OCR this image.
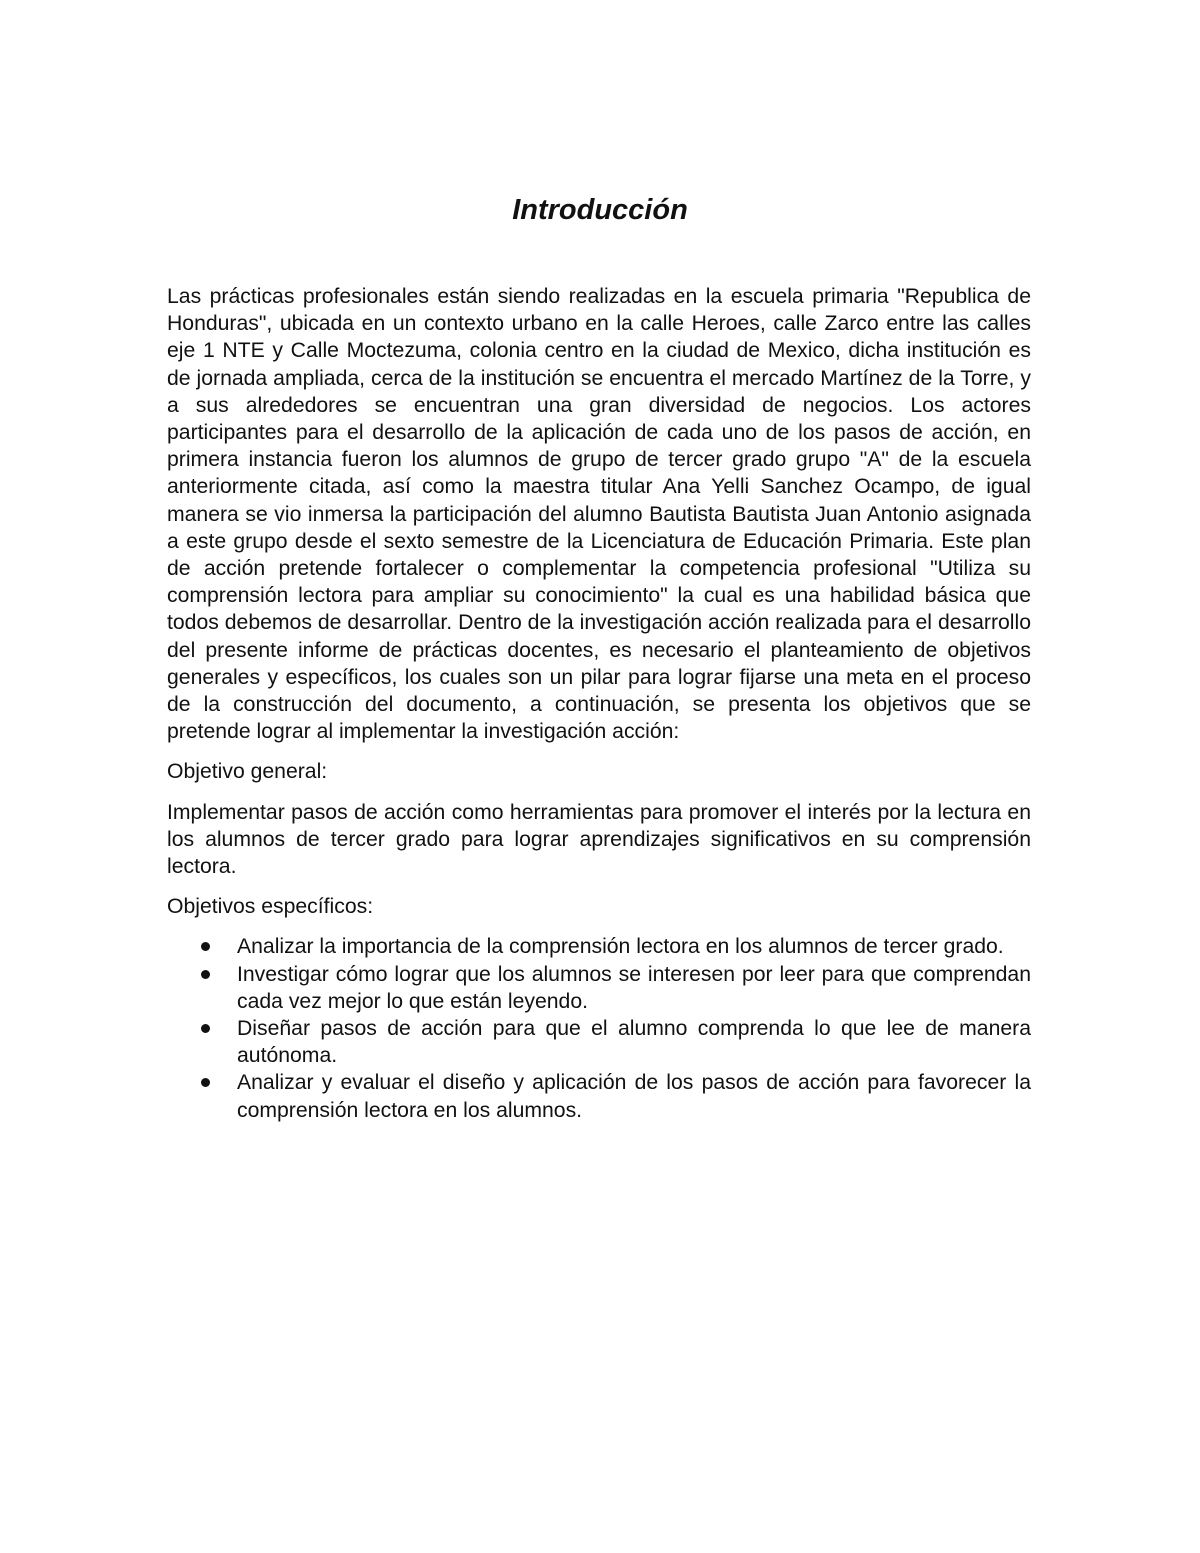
Introducción

Las prácticas profesionales están siendo realizadas en la escuela primaria "Republica de Honduras", ubicada en un contexto urbano en la calle Heroes, calle Zarco entre las calles eje 1 NTE y Calle Moctezuma, colonia centro en la ciudad de Mexico, dicha institución es de jornada ampliada, cerca de la institución se encuentra el mercado Martínez de la Torre, y a sus alrededores se encuentran una gran diversidad de negocios. Los actores participantes para el desarrollo de la aplicación de cada uno de los pasos de acción, en primera instancia fueron los alumnos de grupo de tercer grado grupo "A" de la escuela anteriormente citada, así como la maestra titular Ana Yelli Sanchez Ocampo, de igual manera se vio inmersa la participación del alumno Bautista Bautista Juan Antonio asignada a este grupo desde el sexto semestre de la Licenciatura de Educación Primaria. Este plan de acción pretende fortalecer o complementar la competencia profesional "Utiliza su comprensión lectora para ampliar su conocimiento" la cual es una habilidad básica que todos debemos de desarrollar. Dentro de la investigación acción realizada para el desarrollo del presente informe de prácticas docentes, es necesario el planteamiento de objetivos generales y específicos, los cuales son un pilar para lograr fijarse una meta en el proceso de la construcción del documento, a continuación, se presenta los objetivos que se pretende lograr al implementar la investigación acción:

Objetivo general:

Implementar pasos de acción como herramientas para promover el interés por la lectura en los alumnos de tercer grado para lograr aprendizajes significativos en su comprensión lectora.

Objetivos específicos:

Analizar la importancia de la comprensión lectora en los alumnos de tercer grado.
Investigar cómo lograr que los alumnos se interesen por leer para que comprendan cada vez mejor lo que están leyendo.
Diseñar pasos de acción para que el alumno comprenda lo que lee de manera autónoma.
Analizar y evaluar el diseño y aplicación de los pasos de acción para favorecer la comprensión lectora en los alumnos.
